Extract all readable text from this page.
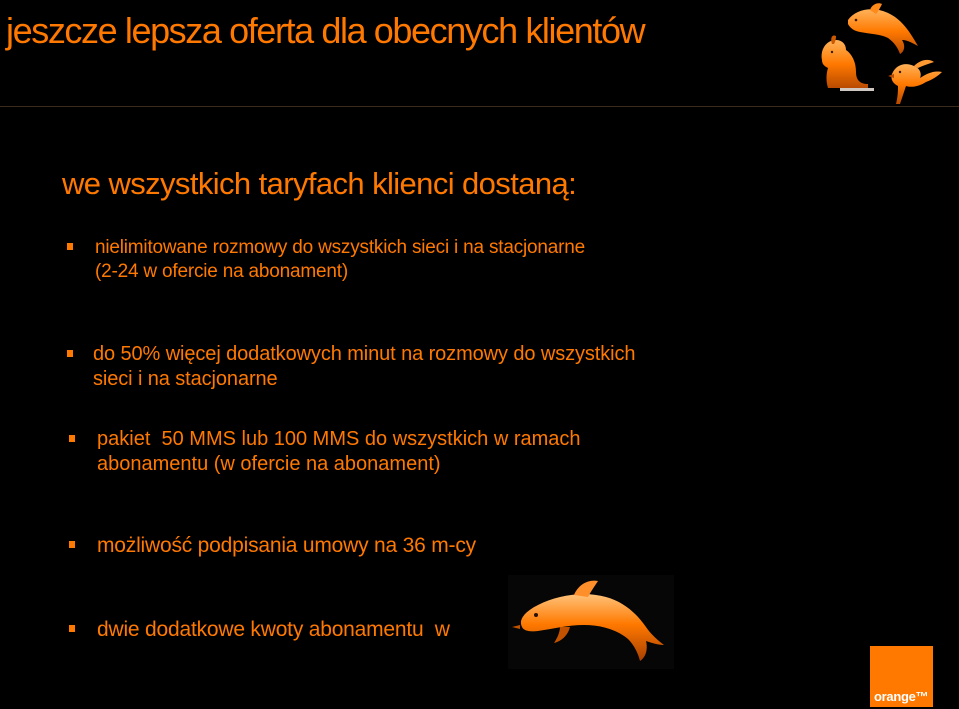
jeszcze lepsza oferta dla obecnych klientów
we wszystkich taryfach klienci dostaną:
nielimitowane rozmowy do wszystkich sieci i na stacjonarne
(2-24 w ofercie na abonament)
do 50% więcej dodatkowych minut na rozmowy do wszystkich
sieci i na stacjonarne
pakiet  50 MMS lub 100 MMS do wszystkich w ramach
abonamentu (w ofercie na abonament)
możliwość podpisania umowy na 36 m-cy
dwie dodatkowe kwoty abonamentu  w
orange™
